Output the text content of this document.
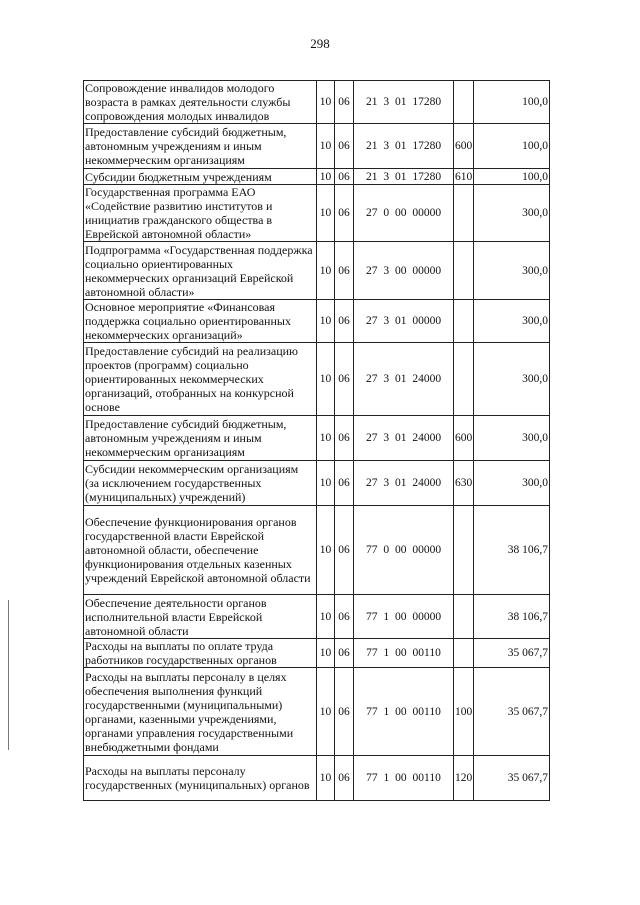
298
Сопровождение инвалидов молодого возраста в рамках деятельности службы сопровождения молодых инвалидов	10	06	21 3 01 17280		100,0
Предоставление субсидий бюджетным, автономным учреждениям и иным некоммерческим организациям	10	06	21 3 01 17280	600	100,0
Субсидии бюджетным учреждениям	10	06	21 3 01 17280	610	100,0
Государственная программа ЕАО «Содействие развитию институтов и инициатив гражданского общества в Еврейской автономной области»	10	06	27 0 00 00000		300,0
Подпрограмма «Государственная поддержка социально ориентированных некоммерческих организаций Еврейской автономной области»	10	06	27 3 00 00000		300,0
Основное мероприятие «Финансовая поддержка социально ориентированных некоммерческих организаций»	10	06	27 3 01 00000		300,0
Предоставление субсидий на реализацию проектов (программ) социально ориентированных некоммерческих организаций, отобранных на конкурсной основе	10	06	27 3 01 24000		300,0
Предоставление субсидий бюджетным, автономным учреждениям и иным некоммерческим организациям	10	06	27 3 01 24000	600	300,0
Субсидии некоммерческим организациям (за исключением государственных (муниципальных) учреждений)	10	06	27 3 01 24000	630	300,0
Обеспечение функционирования органов государственной власти Еврейской автономной области, обеспечение функционирования отдельных казенных учреждений Еврейской автономной области	10	06	77 0 00 00000		38 106,7
Обеспечение деятельности органов исполнительной власти Еврейской автономной области	10	06	77 1 00 00000		38 106,7
Расходы на выплаты по оплате труда работников государственных органов	10	06	77 1 00 00110		35 067,7
Расходы на выплаты персоналу в целях обеспечения выполнения функций государственными (муниципальными) органами, казенными учреждениями, органами управления государственными внебюджетными фондами	10	06	77 1 00 00110	100	35 067,7
Расходы на выплаты персоналу государственных (муниципальных) органов	10	06	77 1 00 00110	120	35 067,7
